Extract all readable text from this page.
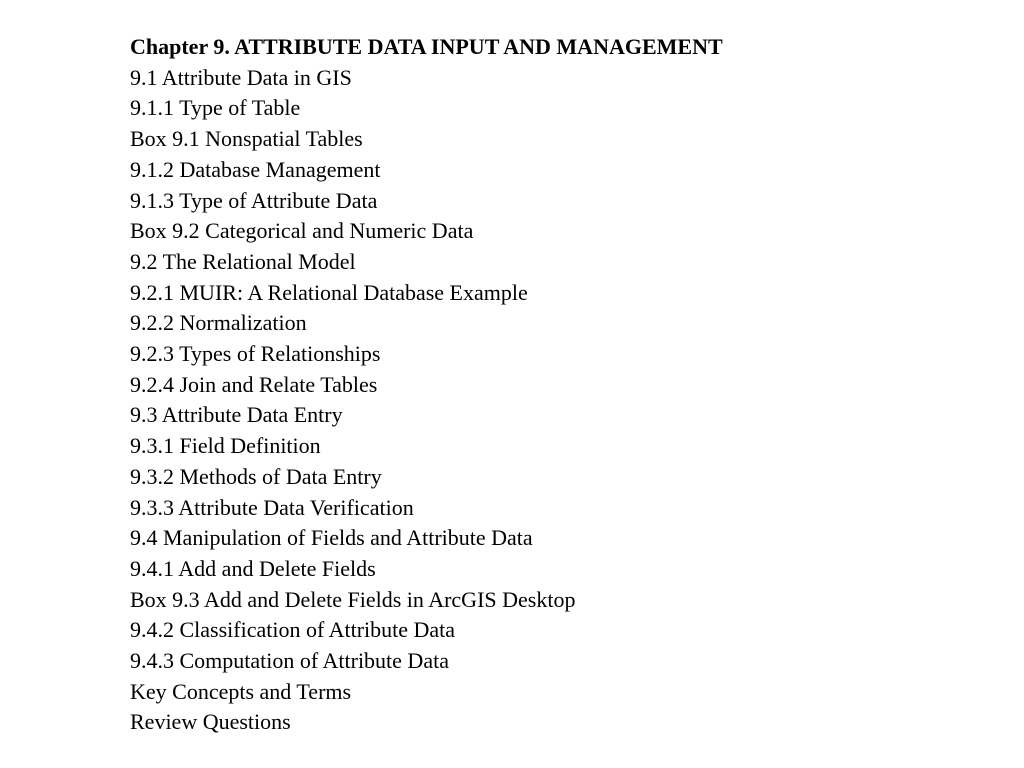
Chapter 9. ATTRIBUTE DATA INPUT AND MANAGEMENT
9.1 Attribute Data in GIS
9.1.1 Type of Table
Box 9.1 Nonspatial Tables
9.1.2 Database Management
9.1.3 Type of Attribute Data
Box 9.2 Categorical and Numeric Data
9.2 The Relational Model
9.2.1 MUIR: A Relational Database Example
9.2.2 Normalization
9.2.3 Types of Relationships
9.2.4 Join and Relate Tables
9.3 Attribute Data Entry
9.3.1 Field Definition
9.3.2 Methods of Data Entry
9.3.3 Attribute Data Verification
9.4 Manipulation of Fields and Attribute Data
9.4.1 Add and Delete Fields
Box 9.3 Add and Delete Fields in ArcGIS Desktop
9.4.2 Classification of Attribute Data
9.4.3 Computation of Attribute Data
Key Concepts and Terms
Review Questions
